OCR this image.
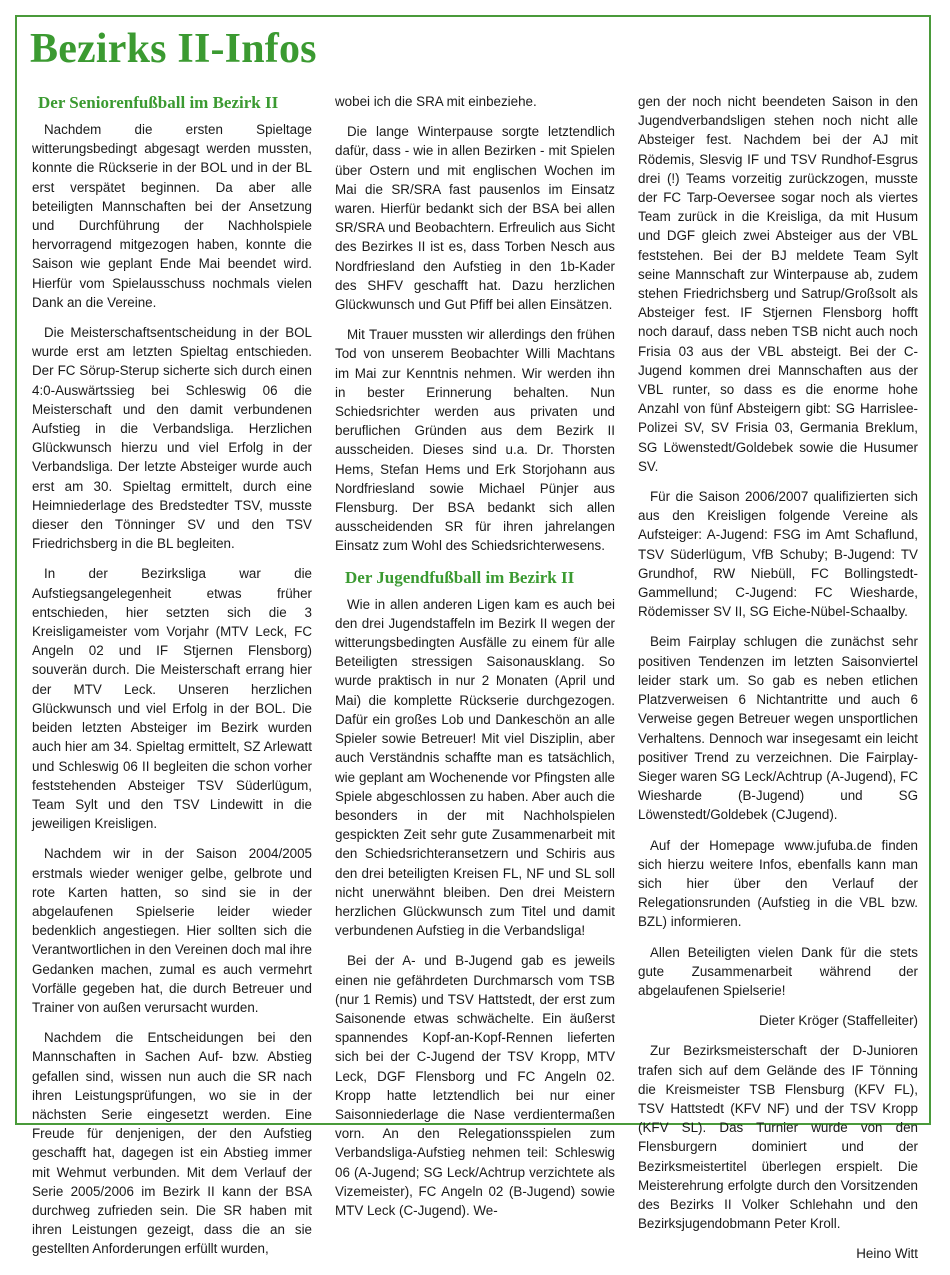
Bezirks II-Infos
Der Seniorenfußball im Bezirk II

Nachdem die ersten Spieltage witterungsbedingt abgesagt werden mussten, konnte die Rückserie in der BOL und in der BL erst verspätet beginnen. Da aber alle beteiligten Mannschaften bei der Ansetzung und Durchführung der Nachholspiele hervorragend mitgezogen haben, konnte die Saison wie geplant Ende Mai beendet wird. Hierfür vom Spielausschuss nochmals vielen Dank an die Vereine.

Die Meisterschaftsentscheidung in der BOL wurde erst am letzten Spieltag entschieden. Der FC Sörup-Sterup sicherte sich durch einen 4:0-Auswärtssieg bei Schleswig 06 die Meisterschaft und den damit verbundenen Aufstieg in die Verbandsliga. Herzlichen Glückwunsch hierzu und viel Erfolg in der Verbandsliga. Der letzte Absteiger wurde auch erst am 30. Spieltag ermittelt, durch eine Heimniederlage des Bredstedter TSV, musste dieser den Tönninger SV und den TSV Friedrichsberg in die BL begleiten.

In der Bezirksliga war die Aufstiegsangelegenheit etwas früher entschieden, hier setzten sich die 3 Kreisligameister vom Vorjahr (MTV Leck, FC Angeln 02 und IF Stjernen Flensborg) souverän durch. Die Meisterschaft errang hier der MTV Leck. Unseren herzlichen Glückwunsch und viel Erfolg in der BOL. Die beiden letzten Absteiger im Bezirk wurden auch hier am 34. Spieltag ermittelt, SZ Arlewatt und Schleswig 06 II begleiten die schon vorher feststehenden Absteiger TSV Süderlügum, Team Sylt und den TSV Lindewitt in die jeweiligen Kreisligen.

Nachdem wir in der Saison 2004/2005 erstmals wieder weniger gelbe, gelbrote und rote Karten hatten, so sind sie in der abgelaufenen Spielserie leider wieder bedenklich angestiegen. Hier sollten sich die Verantwortlichen in den Vereinen doch mal ihre Gedanken machen, zumal es auch vermehrt Vorfälle gegeben hat, die durch Betreuer und Trainer von außen verursacht wurden.

Nachdem die Entscheidungen bei den Mannschaften in Sachen Auf- bzw. Abstieg gefallen sind, wissen nun auch die SR nach ihren Leistungsprüfungen, wo sie in der nächsten Serie eingesetzt werden. Eine Freude für denjenigen, der den Aufstieg geschafft hat, dagegen ist ein Abstieg immer mit Wehmut verbunden. Mit dem Verlauf der Serie 2005/2006 im Bezirk II kann der BSA durchweg zufrieden sein. Die SR haben mit ihren Leistungen gezeigt, dass die an sie gestellten Anforderungen erfüllt wurden,

wobei ich die SRA mit einbeziehe.

Die lange Winterpause sorgte letztendlich dafür, dass - wie in allen Bezirken - mit Spielen über Ostern und mit englischen Wochen im Mai die SR/SRA fast pausenlos im Einsatz waren. Hierfür bedankt sich der BSA bei allen SR/SRA und Beobachtern. Erfreulich aus Sicht des Bezirkes II ist es, dass Torben Nesch aus Nordfriesland den Aufstieg in den 1b-Kader des SHFV geschafft hat. Dazu herzlichen Glückwunsch und Gut Pfiff bei allen Einsätzen.

Mit Trauer mussten wir allerdings den frühen Tod von unserem Beobachter Willi Machtans im Mai zur Kenntnis nehmen. Wir werden ihn in bester Erinnerung behalten. Nun Schiedsrichter werden aus privaten und beruflichen Gründen aus dem Bezirk II ausscheiden. Dieses sind u.a. Dr. Thorsten Hems, Stefan Hems und Erk Storjohann aus Nordfriesland sowie Michael Pünjer aus Flensburg. Der BSA bedankt sich allen ausscheidenden SR für ihren jahrelangen Einsatz zum Wohl des Schiedsrichterwesens.

Der Jugendfußball im Bezirk II

Wie in allen anderen Ligen kam es auch bei den drei Jugendstaffeln im Bezirk II wegen der witterungsbedingten Ausfälle zu einem für alle Beteiligten stressigen Saisonausklang. So wurde praktisch in nur 2 Monaten (April und Mai) die komplette Rückserie durchgezogen. Dafür ein großes Lob und Dankeschön an alle Spieler sowie Betreuer! Mit viel Disziplin, aber auch Verständnis schaffte man es tatsächlich, wie geplant am Wochenende vor Pfingsten alle Spiele abgeschlossen zu haben. Aber auch die besonders in der mit Nachholspielen gespickten Zeit sehr gute Zusammenarbeit mit den Schiedsrichteransetzern und Schiris aus den drei beteiligten Kreisen FL, NF und SL soll nicht unerwähnt bleiben. Den drei Meistern herzlichen Glückwunsch zum Titel und damit verbundenen Aufstieg in die Verbandsliga!

Bei der A- und B-Jugend gab es jeweils einen nie gefährdeten Durchmarsch vom TSB (nur 1 Remis) und TSV Hattstedt, der erst zum Saisonende etwas schwächelte. Ein äußerst spannendes Kopf-an-Kopf-Rennen lieferten sich bei der C-Jugend der TSV Kropp, MTV Leck, DGF Flensborg und FC Angeln 02. Kropp hatte letztendlich bei nur einer Saisonniederlage die Nase verdientermaßen vorn. An den Relegationsspielen zum Verbandsliga-Aufstieg nehmen teil: Schleswig 06 (A-Jugend; SG Leck/Achtrup verzichtete als Vizemeister), FC Angeln 02 (B-Jugend) sowie MTV Leck (C-Jugend). We-

gen der noch nicht beendeten Saison in den Jugendverbandsligen stehen noch nicht alle Absteiger fest. Nachdem bei der AJ mit Rödemis, Slesvig IF und TSV Rundhof-Esgrus drei (!) Teams vorzeitig zurückzogen, musste der FC Tarp-Oeversee sogar noch als viertes Team zurück in die Kreisliga, da mit Husum und DGF gleich zwei Absteiger aus der VBL feststehen. Bei der BJ meldete Team Sylt seine Mannschaft zur Winterpause ab, zudem stehen Friedrichsberg und Satrup/Großsolt als Absteiger fest. IF Stjernen Flensborg hofft noch darauf, dass neben TSB nicht auch noch Frisia 03 aus der VBL absteigt. Bei der C-Jugend kommen drei Mannschaften aus der VBL runter, so dass es die enorme hohe Anzahl von fünf Absteigern gibt: SG Harrislee-Polizei SV, SV Frisia 03, Germania Breklum, SG Löwenstedt/Goldebek sowie die Husumer SV.

Für die Saison 2006/2007 qualifizierten sich aus den Kreisligen folgende Vereine als Aufsteiger: A-Jugend: FSG im Amt Schaflund, TSV Süderlügum, VfB Schuby; B-Jugend: TV Grundhof, RW Niebüll, FC Bollingstedt-Gammellund; C-Jugend: FC Wiesharde, Rödemisser SV II, SG Eiche-Nübel-Schaalby.

Beim Fairplay schlugen die zunächst sehr positiven Tendenzen im letzten Saisonviertel leider stark um. So gab es neben etlichen Platzverweisen 6 Nichtantritte und auch 6 Verweise gegen Betreuer wegen unsportlichen Verhaltens. Dennoch war insegesamt ein leicht positiver Trend zu verzeichnen. Die Fairplay-Sieger waren SG Leck/Achtrup (A-Jugend), FC Wiesharde (B-Jugend) und SG Löwenstedt/Goldebek (CJugend).

Auf der Homepage www.jufuba.de finden sich hierzu weitere Infos, ebenfalls kann man sich hier über den Verlauf der Relegationsrunden (Aufstieg in die VBL bzw. BZL) informieren.

Allen Beteiligten vielen Dank für die stets gute Zusammenarbeit während der abgelaufenen Spielserie!

Dieter Kröger (Staffelleiter)

Zur Bezirksmeisterschaft der D-Junioren trafen sich auf dem Gelände des IF Tönning die Kreismeister TSB Flensburg (KFV FL), TSV Hattstedt (KFV NF) und der TSV Kropp (KFV SL). Das Turnier wurde von den Flensburgern dominiert und der Bezirksmeistertitel überlegen erspielt. Die Meisterehrung erfolgte durch den Vorsitzenden des Bezirks II Volker Schlehahn und den Bezirksjugendobmann Peter Kroll.

Heino Witt
